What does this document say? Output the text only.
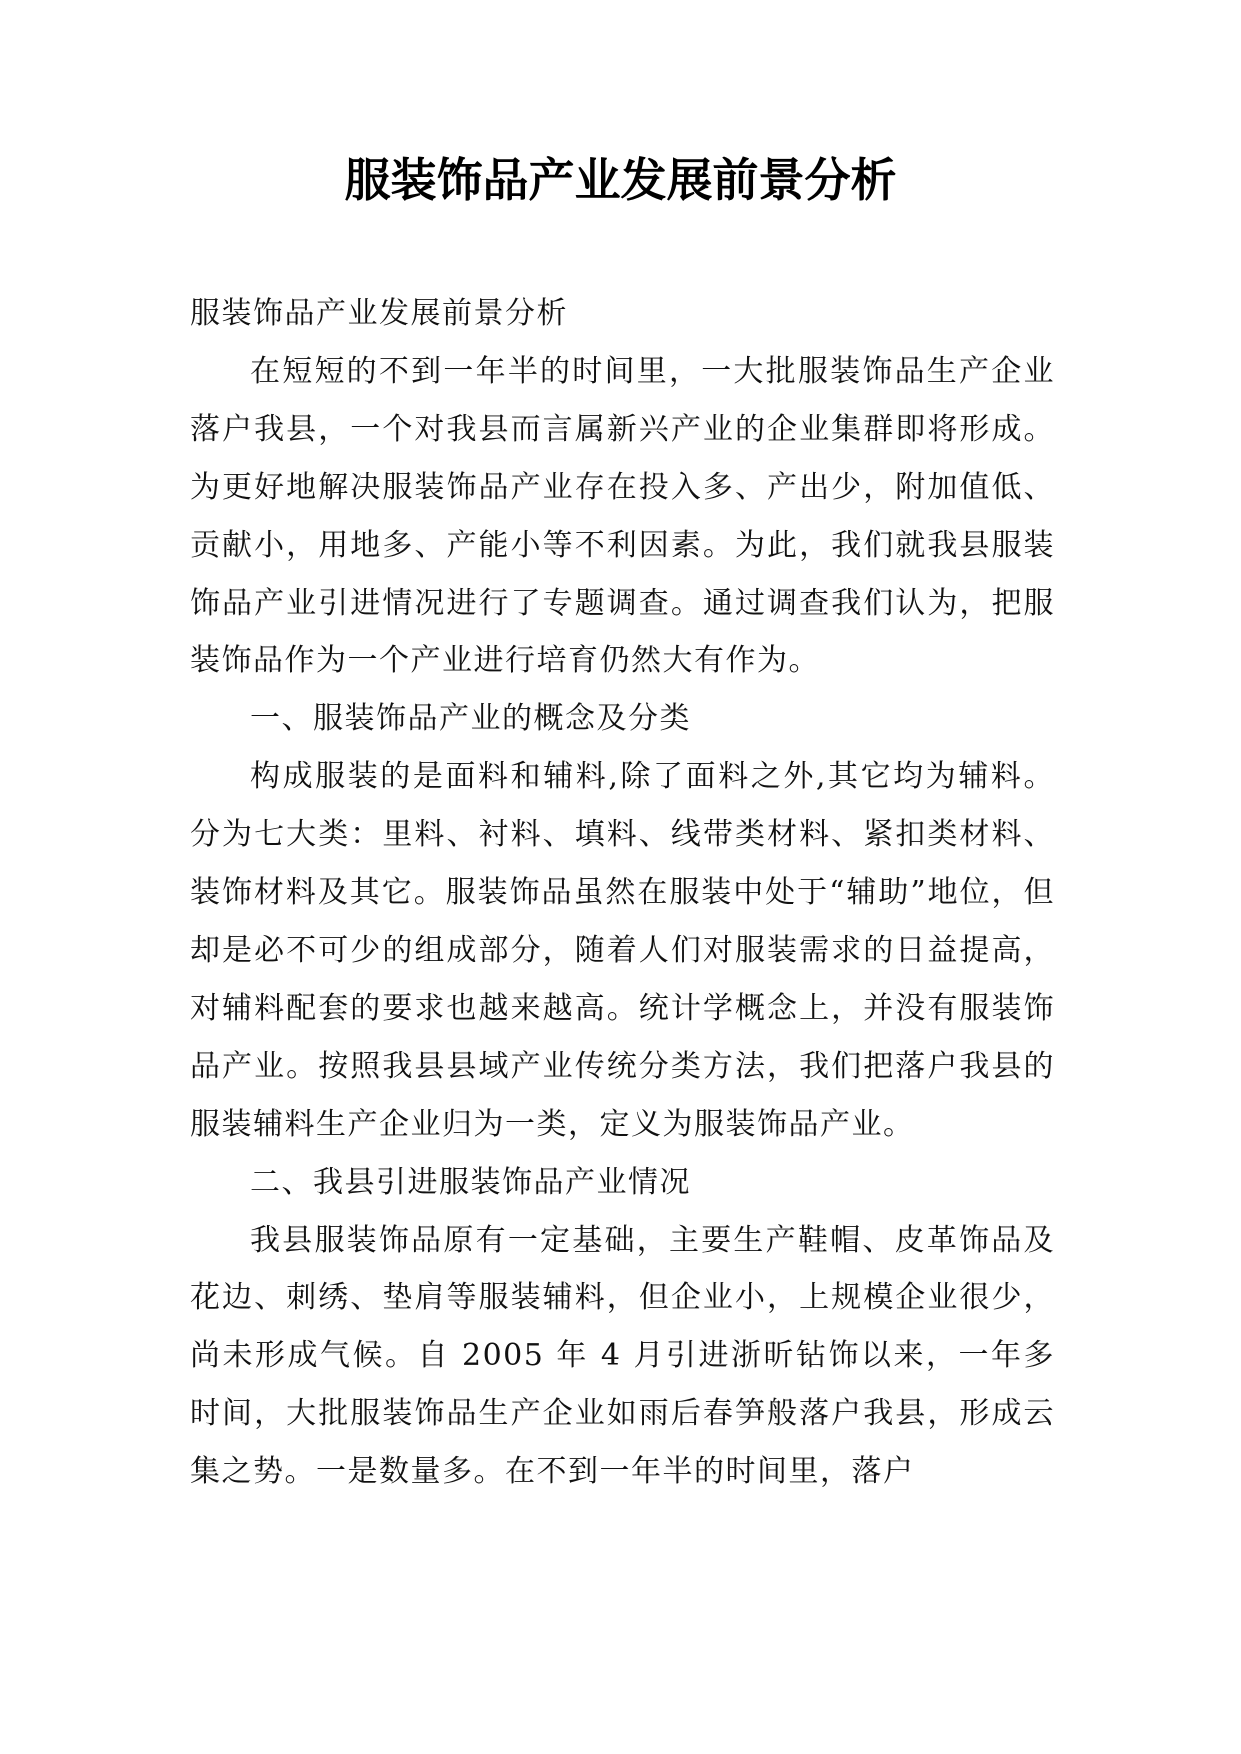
服装饰品产业发展前景分析

服装饰品产业发展前景分析

在短短的不到一年半的时间里，一大批服装饰品生产企业落户我县，一个对我县而言属新兴产业的企业集群即将形成。为更好地解决服装饰品产业存在投入多、产出少，附加值低、贡献小，用地多、产能小等不利因素。为此，我们就我县服装饰品产业引进情况进行了专题调查。通过调查我们认为，把服装饰品作为一个产业进行培育仍然大有作为。

一、服装饰品产业的概念及分类

构成服装的是面料和辅料,除了面料之外,其它均为辅料。分为七大类：里料、衬料、填料、线带类材料、紧扣类材料、装饰材料及其它。服装饰品虽然在服装中处于“辅助”地位，但却是必不可少的组成部分，随着人们对服装需求的日益提高，对辅料配套的要求也越来越高。统计学概念上，并没有服装饰品产业。按照我县县域产业传统分类方法，我们把落户我县的服装辅料生产企业归为一类，定义为服装饰品产业。

二、我县引进服装饰品产业情况

我县服装饰品原有一定基础，主要生产鞋帽、皮革饰品及花边、刺绣、垫肩等服装辅料，但企业小，上规模企业很少，尚未形成气候。自 2005 年 4 月引进浙昕钻饰以来，一年多时间，大批服装饰品生产企业如雨后春笋般落户我县，形成云集之势。一是数量多。在不到一年半的时间里，落户
